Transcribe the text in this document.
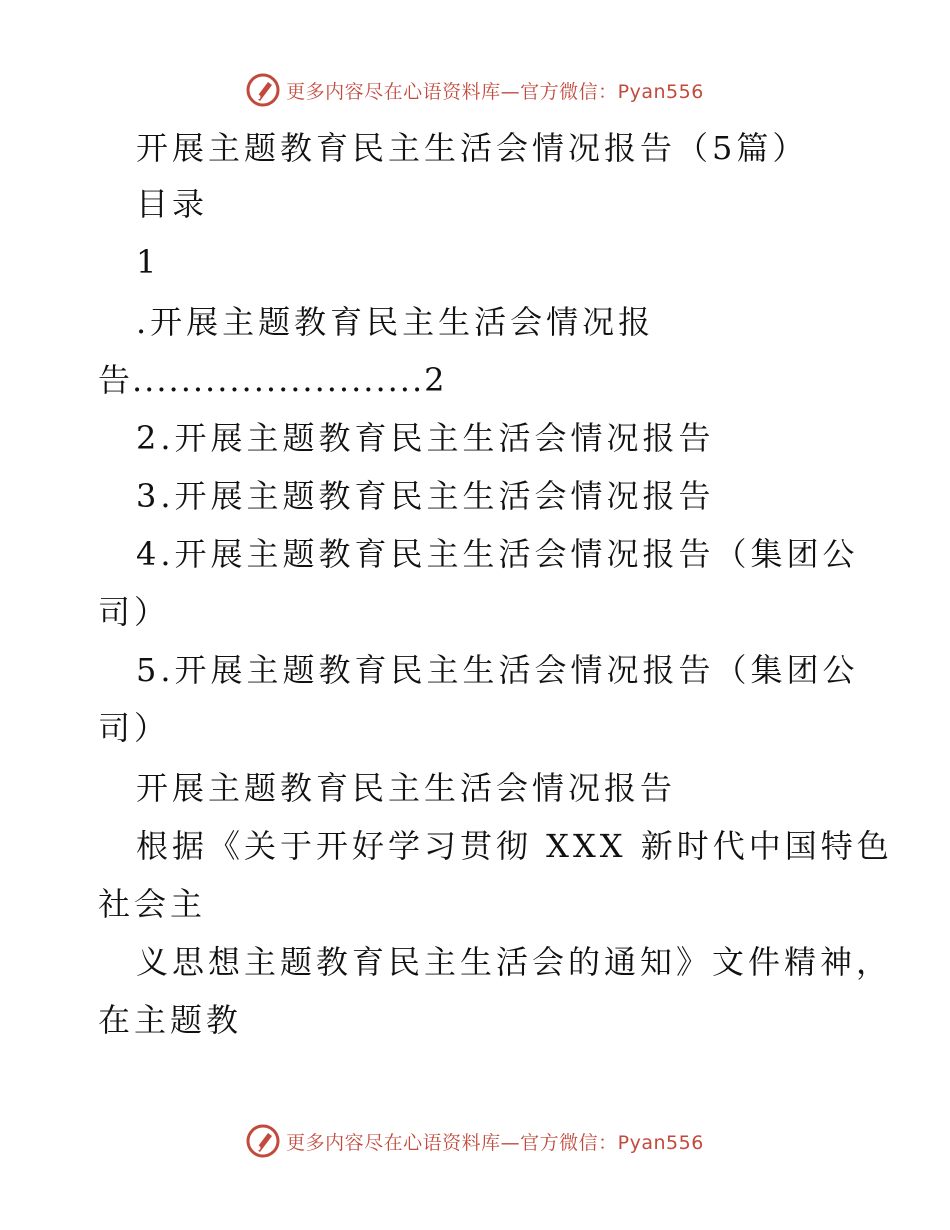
更多内容尽在心语资料库—官方微信：Pyan556
开展主题教育民主生活会情况报告（5篇）
目录
1
.开展主题教育民主生活会情况报
告........................2
2.开展主题教育民主生活会情况报告
3.开展主题教育民主生活会情况报告
4.开展主题教育民主生活会情况报告（集团公
司）
5.开展主题教育民主生活会情况报告（集团公
司）
开展主题教育民主生活会情况报告
根据《关于开好学习贯彻 XXX 新时代中国特色
社会主
义思想主题教育民主生活会的通知》文件精神，
在主题教
更多内容尽在心语资料库—官方微信：Pyan556
